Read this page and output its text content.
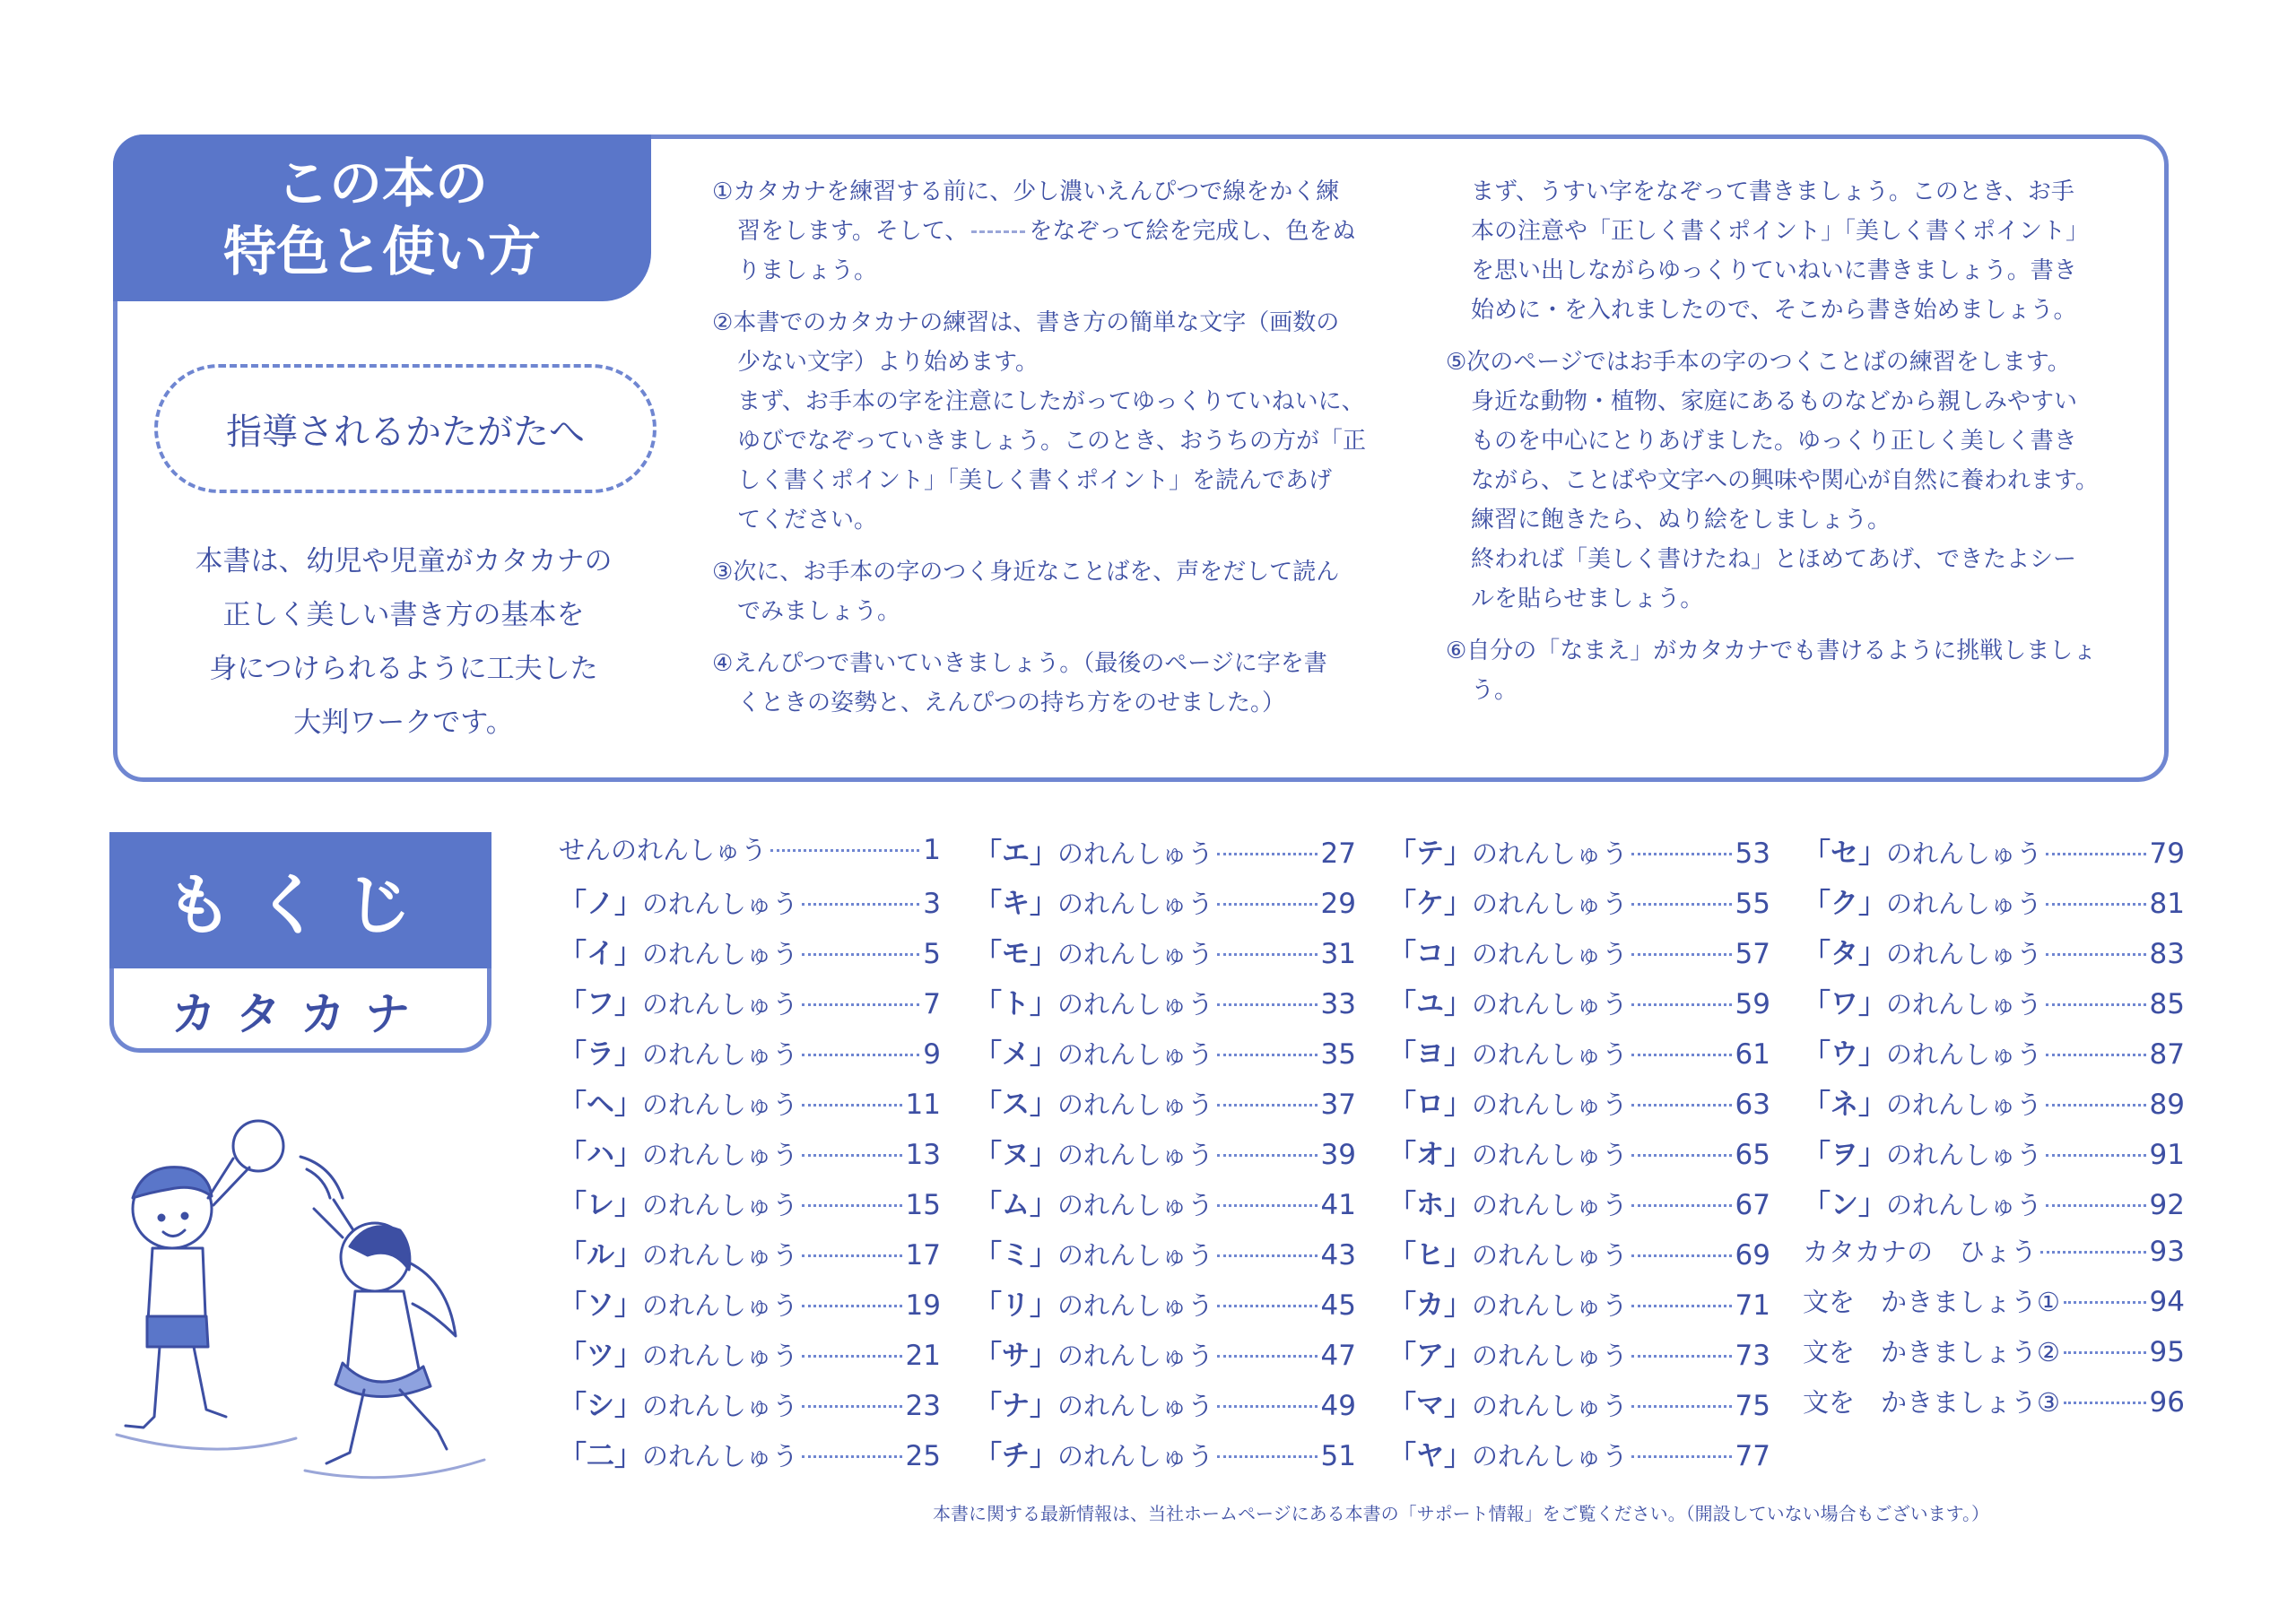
この本の
特色と使い方
指導されるかたがたへ
本書は、幼児や児童がカタカナの
正しく美しい書き方の基本を
身につけられるように工夫した
大判ワークです。
①カタカナを練習する前に、少し濃いえんぴつで線をかく練
習をします。そして、	をなぞって絵を完成し、色をぬ
りましょう。
②本書でのカタカナの練習は、書き方の簡単な文字（画数の
少ない文字）より始めます。
まず、お手本の字を注意にしたがってゆっくりていねいに、
ゆびでなぞっていきましょう。このとき、おうちの方が「正
しく書くポイント」「美しく書くポイント」を読んであげ
てください。
③次に、お手本の字のつく身近なことばを、声をだして読ん
でみましょう。
④えんぴつで書いていきましょう。（最後のページに字を書
くときの姿勢と、えんぴつの持ち方をのせました。）
まず、うすい字をなぞって書きましょう。このとき、お手
本の注意や「正しく書くポイント」「美しく書くポイント」
を思い出しながらゆっくりていねいに書きましょう。書き
始めに・を入れましたので、そこから書き始めましょう。
⑤次のページではお手本の字のつくことばの練習をします。
身近な動物・植物、家庭にあるものなどから親しみやすい
ものを中心にとりあげました。ゆっくり正しく美しく書き
ながら、ことばや文字への興味や関心が自然に養われます。
練習に飽きたら、ぬり絵をしましょう。
終われば「美しく書けたね」とほめてあげ、できたよシー
ルを貼らせましょう。
⑥自分の「なまえ」がカタカナでも書けるように挑戦しましょ
う。
もくじ
カタカナ
せんのれんしゅう	1
「ノ」のれんしゅう	3
「イ」のれんしゅう	5
「フ」のれんしゅう	7
「ラ」のれんしゅう	9
「ヘ」のれんしゅう	11
「ハ」のれんしゅう	13
「レ」のれんしゅう	15
「ル」のれんしゅう	17
「ソ」のれんしゅう	19
「ツ」のれんしゅう	21
「シ」のれんしゅう	23
「二」のれんしゅう	25
「エ」のれんしゅう	27
「キ」のれんしゅう	29
「モ」のれんしゅう	31
「ト」のれんしゅう	33
「メ」のれんしゅう	35
「ス」のれんしゅう	37
「ヌ」のれんしゅう	39
「ム」のれんしゅう	41
「ミ」のれんしゅう	43
「リ」のれんしゅう	45
「サ」のれんしゅう	47
「ナ」のれんしゅう	49
「チ」のれんしゅう	51
「テ」のれんしゅう	53
「ケ」のれんしゅう	55
「コ」のれんしゅう	57
「ユ」のれんしゅう	59
「ヨ」のれんしゅう	61
「ロ」のれんしゅう	63
「オ」のれんしゅう	65
「ホ」のれんしゅう	67
「ヒ」のれんしゅう	69
「カ」のれんしゅう	71
「ア」のれんしゅう	73
「マ」のれんしゅう	75
「ヤ」のれんしゅう	77
「セ」のれんしゅう	79
「ク」のれんしゅう	81
「タ」のれんしゅう	83
「ワ」のれんしゅう	85
「ウ」のれんしゅう	87
「ネ」のれんしゅう	89
「ヲ」のれんしゅう	91
「ン」のれんしゅう	92
カタカナの　ひょう	93
文を　かきましょう①	94
文を　かきましょう②	95
文を　かきましょう③	96
本書に関する最新情報は、当社ホームページにある本書の「サポート情報」をご覧ください。（開設していない場合もございます。）
